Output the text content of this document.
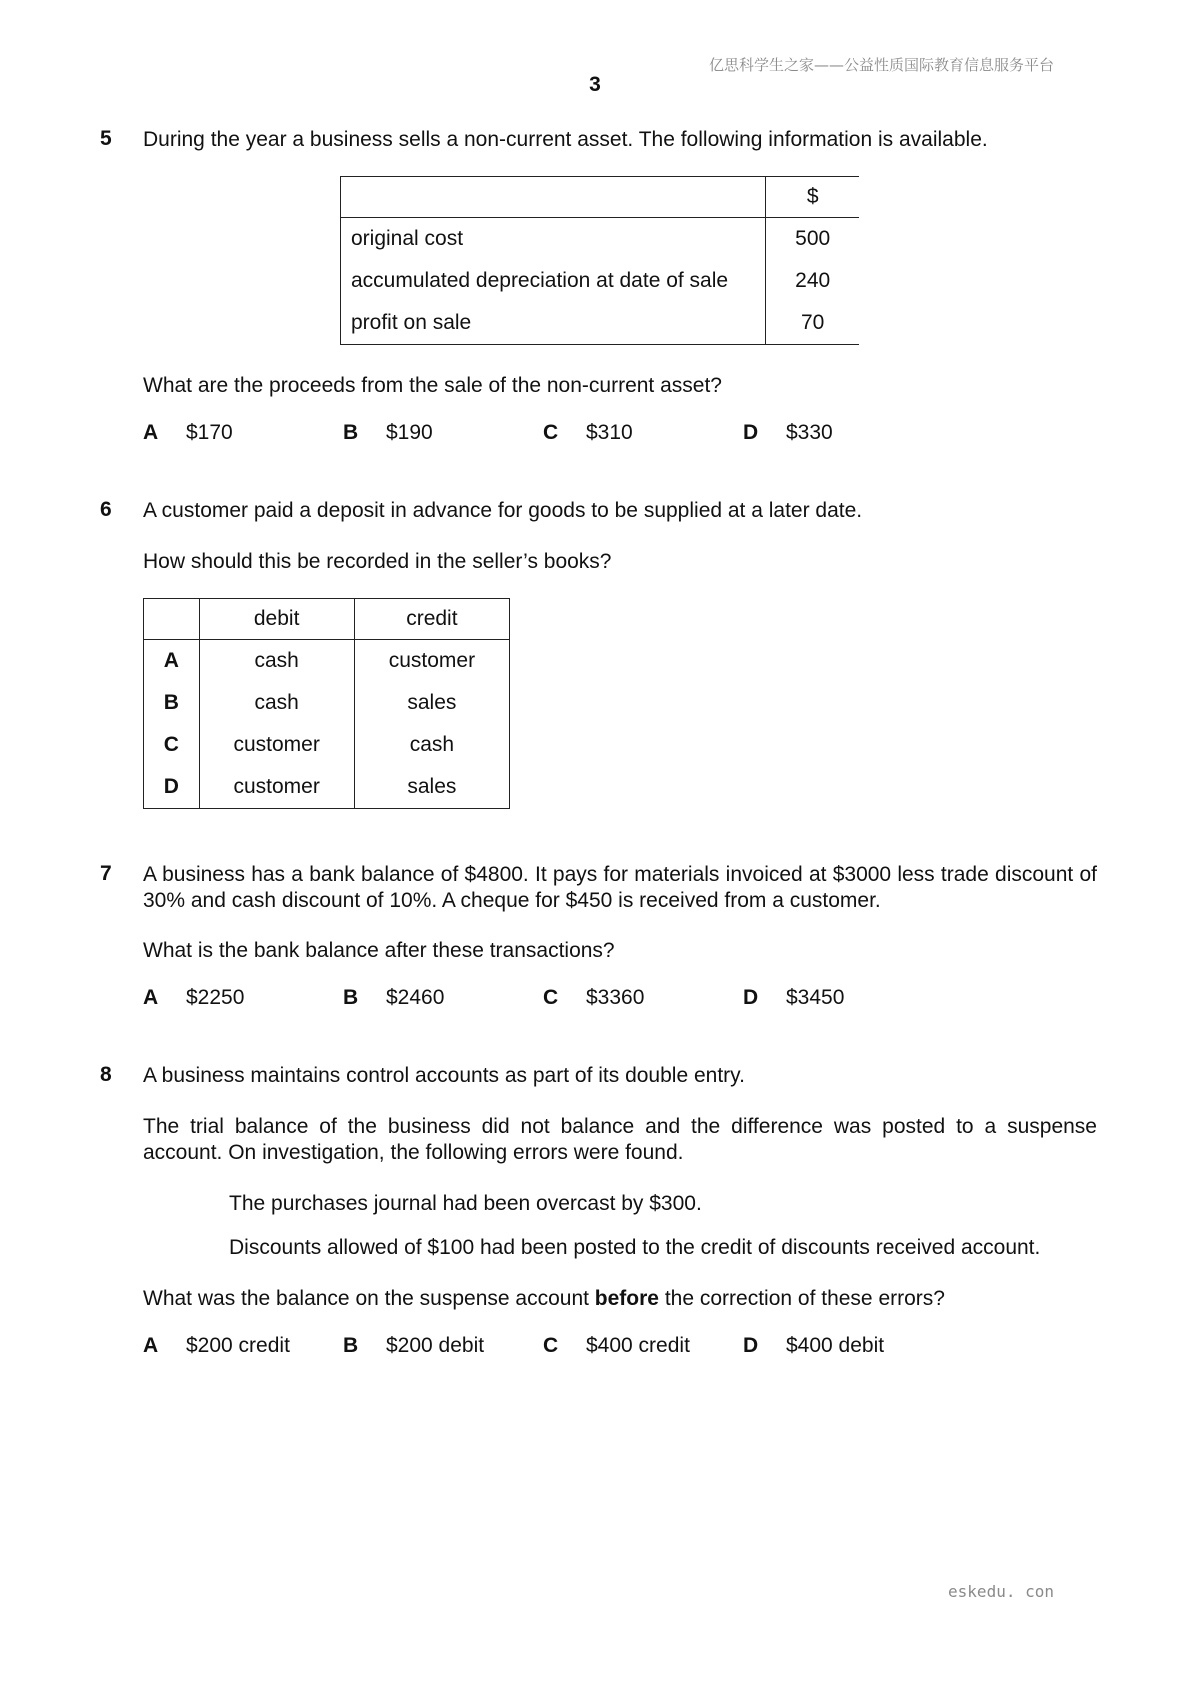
亿思科学生之家——公益性质国际教育信息服务平台
3
5 During the year a business sells a non-current asset. The following information is available.
	$
original cost	500
accumulated depreciation at date of sale	240
profit on sale	70
What are the proceeds from the sale of the non-current asset?
A $170	B $190	C $310	D $330
6 A customer paid a deposit in advance for goods to be supplied at a later date.
How should this be recorded in the seller’s books?
	debit	credit
A	cash	customer
B	cash	sales
C	customer	cash
D	customer	sales
7 A business has a bank balance of $4800. It pays for materials invoiced at $3000 less trade discount of 30% and cash discount of 10%. A cheque for $450 is received from a customer.
What is the bank balance after these transactions?
A $2250	B $2460	C $3360	D $3450
8 A business maintains control accounts as part of its double entry.
The trial balance of the business did not balance and the difference was posted to a suspense account. On investigation, the following errors were found.
The purchases journal had been overcast by $300.
Discounts allowed of $100 had been posted to the credit of discounts received account.
What was the balance on the suspense account before the correction of these errors?
A $200 credit	B $200 debit	C $400 credit	D $400 debit
eskedu. con
